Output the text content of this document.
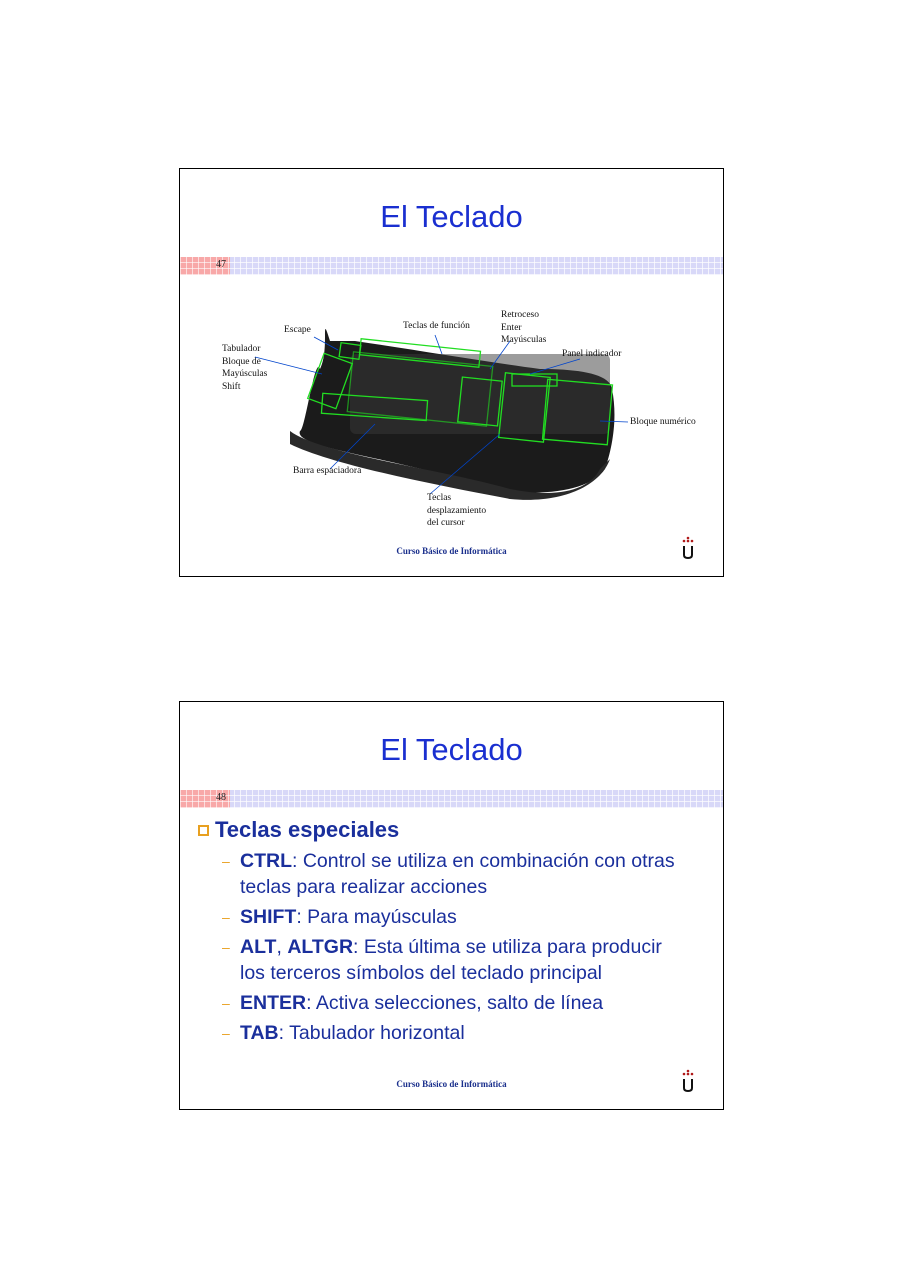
El Teclado
47
Escape	Teclas de función
Retroceso
Enter
Mayúsculas
Panel indicador
Tabulador
Bloque de
Mayúsculas
Shift
Bloque numérico
Barra espaciadora
Teclas
desplazamiento
del cursor
Curso Básico de Informática
El Teclado
48
Teclas especiales
– CTRL: Control se utiliza en combinación con otras teclas para realizar acciones
– SHIFT: Para mayúsculas
– ALT, ALTGR: Esta última se utiliza para producir los terceros símbolos del teclado principal
– ENTER: Activa selecciones, salto de línea
– TAB: Tabulador horizontal
Curso Básico de Informática
